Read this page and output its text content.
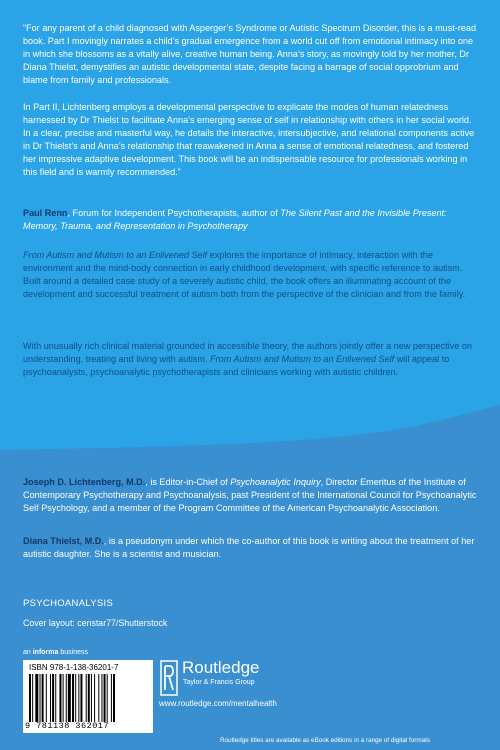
“For any parent of a child diagnosed with Asperger’s Syndrome or Autistic Spectrum Disorder, this is a must-read book. Part I movingly narrates a child’s gradual emergence from a world cut off from emotional intimacy into one in which she blossoms as a vitally alive, creative human being. Anna’s story, as movingly told by her mother, Dr Diana Thielst, demystifies an autistic developmental state, despite facing a barrage of social opprobrium and blame from family and professionals.

In Part II, Lichtenberg employs a developmental perspective to explicate the modes of human relatedness harnessed by Dr Thielst to facilitate Anna’s emerging sense of self in relationship with others in her social world. In a clear, precise and masterful way, he details the interactive, intersubjective, and relational components active in Dr Thielst’s and Anna’s relationship that reawakened in Anna a sense of emotional relatedness, and fostered her impressive adaptive development. This book will be an indispensable resource for professionals working in this field and is warmly recommended.”

Paul Renn, Forum for Independent Psychotherapists, author of The Silent Past and the Invisible Present: Memory, Trauma, and Representation in Psychotherapy

From Autism and Mutism to an Enlivened Self explores the importance of intimacy, interaction with the environment and the mind-body connection in early childhood development, with specific reference to autism. Built around a detailed case study of a severely autistic child, the book offers an illuminating account of the development and successful treatment of autism both from the perspective of the clinician and from the family.

With unusually rich clinical material grounded in accessible theory, the authors jointly offer a new perspective on understanding, treating and living with autism. From Autism and Mutism to an Enlivened Self will appeal to psychoanalysts, psychoanalytic psychotherapists and clinicians working with autistic children.

Joseph D. Lichtenberg, M.D., is Editor-in-Chief of Psychoanalytic Inquiry, Director Emeritus of the Institute of Contemporary Psychotherapy and Psychoanalysis, past President of the International Council for Psychoanalytic Self Psychology, and a member of the Program Committee of the American Psychoanalytic Association.

Diana Thielst, M.D., is a pseudonym under which the co-author of this book is writing about the treatment of her autistic daughter. She is a scientist and musician.

PSYCHOANALYSIS
Cover layout: censtar77/Shutterstock
an informa business
ISBN 978-1-138-36201-7
9 781138 362017
Routledge
Taylor & Francis Group
www.routledge.com/mentalhealth
Routledge titles are available as eBook editions in a range of digital formats
